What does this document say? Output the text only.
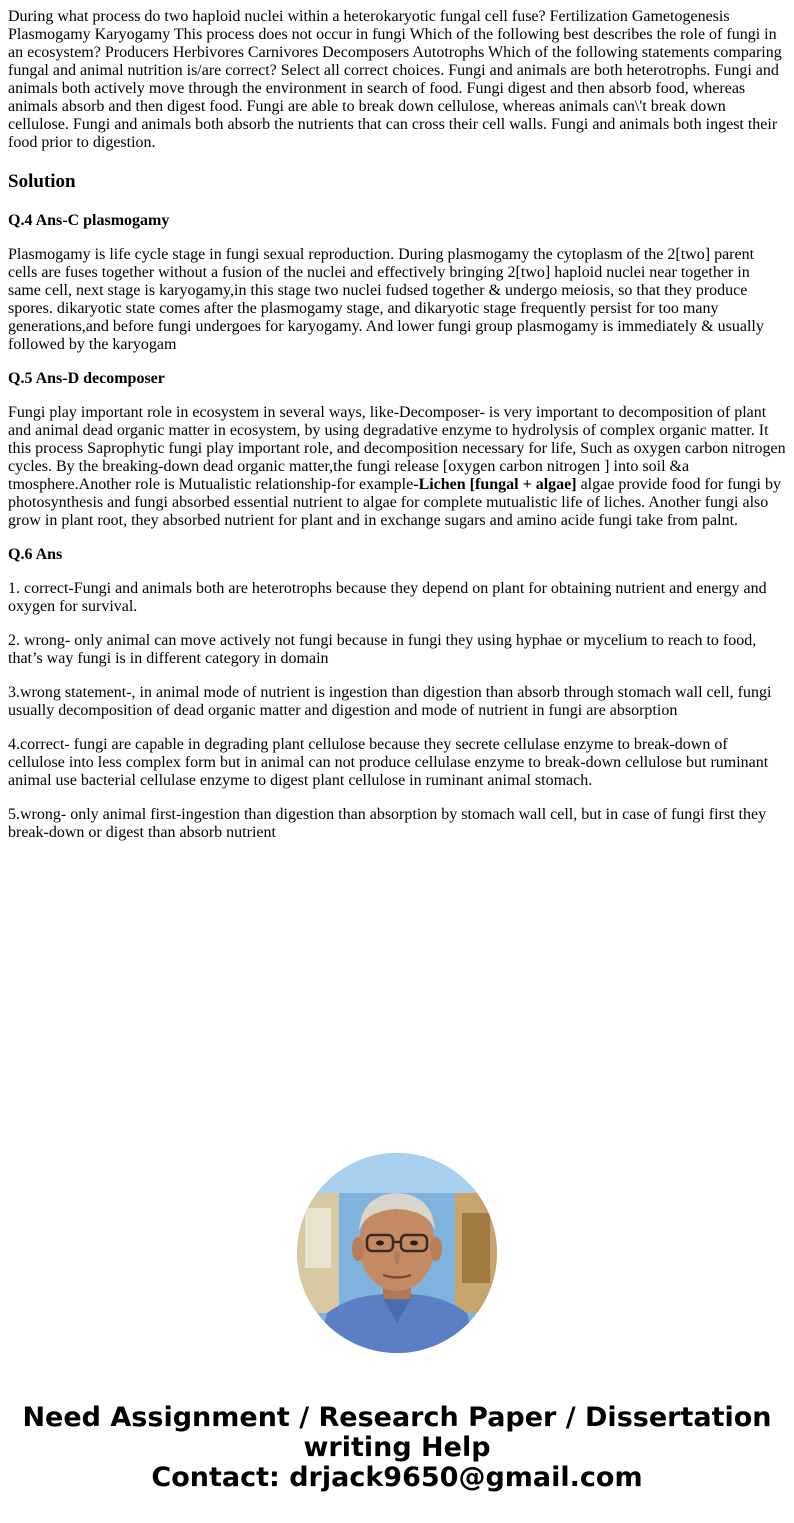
During what process do two haploid nuclei within a heterokaryotic fungal cell fuse? Fertilization Gametogenesis Plasmogamy Karyogamy This process does not occur in fungi Which of the following best describes the role of fungi in an ecosystem? Producers Herbivores Carnivores Decomposers Autotrophs Which of the following statements comparing fungal and animal nutrition is/are correct? Select all correct choices. Fungi and animals are both heterotrophs. Fungi and animals both actively move through the environment in search of food. Fungi digest and then absorb food, whereas animals absorb and then digest food. Fungi are able to break down cellulose, whereas animals can\'t break down cellulose. Fungi and animals both absorb the nutrients that can cross their cell walls. Fungi and animals both ingest their food prior to digestion.

Solution

Q.4 Ans-C plasmogamy

Plasmogamy is life cycle stage in fungi sexual reproduction. During plasmogamy the cytoplasm of the 2[two] parent cells are fuses together without a fusion of the nuclei and effectively bringing 2[two] haploid nuclei near together in same cell, next stage is karyogamy,in this stage two nuclei fudsed together & undergo meiosis, so that they produce spores. dikaryotic state comes after the plasmogamy stage, and dikaryotic stage frequently persist for too many generations,and before fungi undergoes for karyogamy. And lower fungi group plasmogamy is immediately & usually followed by the karyogam

Q.5 Ans-D decomposer

Fungi play important role in ecosystem in several ways, like-Decomposer- is very important to decomposition of plant and animal dead organic matter in ecosystem, by using degradative enzyme to hydrolysis of complex organic matter. It this process Saprophytic fungi play important role, and decomposition necessary for life, Such as oxygen carbon nitrogen cycles. By the breaking-down dead organic matter,the fungi release [oxygen carbon nitrogen ] into soil &a tmosphere.Another role is Mutualistic relationship-for example-Lichen [fungal + algae] algae provide food for fungi by photosynthesis and fungi absorbed essential nutrient to algae for complete mutualistic life of liches. Another fungi also grow in plant root, they absorbed nutrient for plant and in exchange sugars and amino acide fungi take from palnt.

Q.6 Ans

1. correct-Fungi and animals both are heterotrophs because they depend on plant for obtaining nutrient and energy and oxygen for survival.

2. wrong- only animal can move actively not fungi because in fungi they using hyphae or mycelium to reach to food, that’s way fungi is in different category in domain

3.wrong statement-, in animal mode of nutrient is ingestion than digestion than absorb through stomach wall cell, fungi usually decomposition of dead organic matter and digestion and mode of nutrient in fungi are absorption

4.correct- fungi are capable in degrading plant cellulose because they secrete cellulase enzyme to break-down of cellulose into less complex form but in animal can not produce cellulase enzyme to break-down cellulose but ruminant animal use bacterial cellulase enzyme to digest plant cellulose in ruminant animal stomach.

5.wrong- only animal first-ingestion than digestion than absorption by stomach wall cell, but in case of fungi first they break-down or digest than absorb nutrient

Need Assignment / Research Paper / Dissertation
writing Help
Contact: drjack9650@gmail.com
